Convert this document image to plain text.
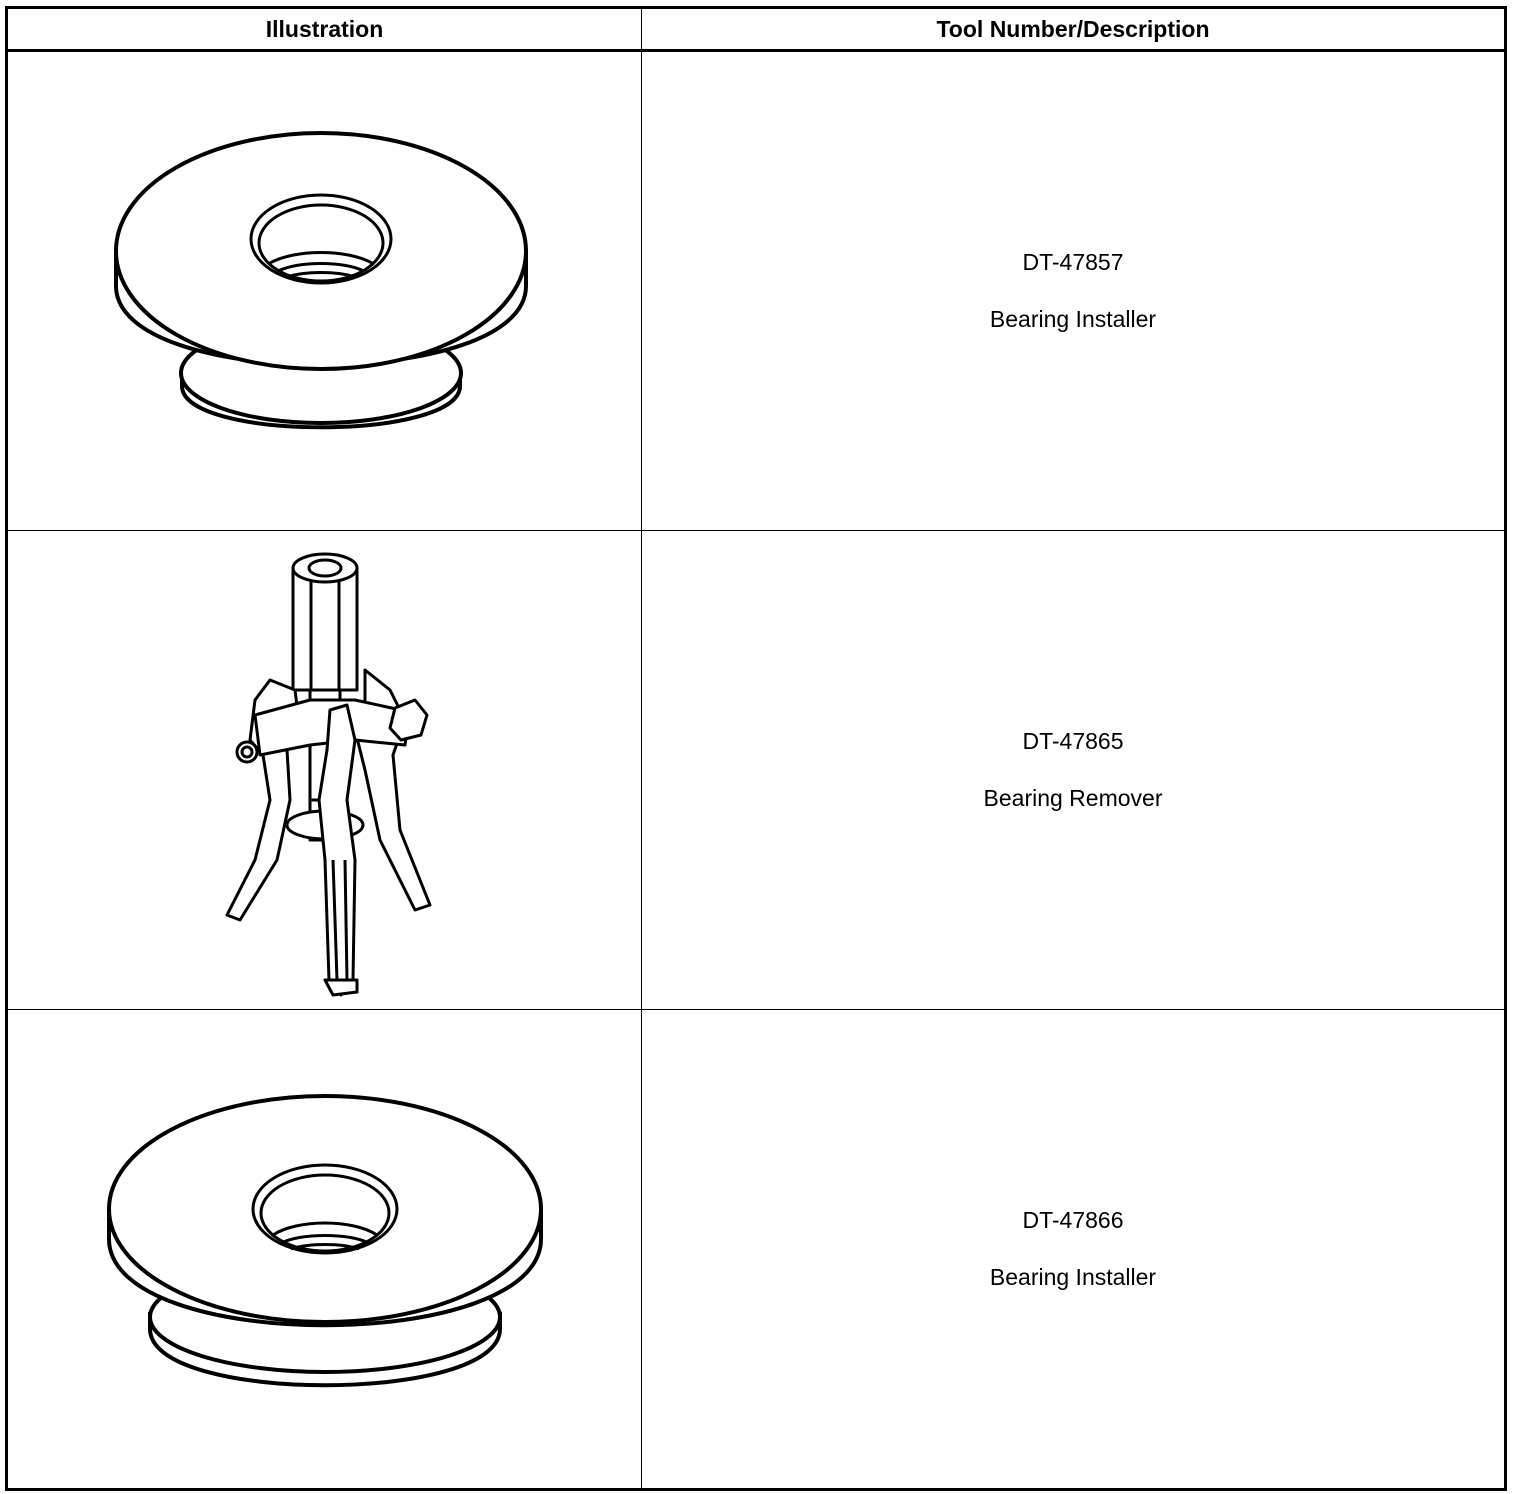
Illustration	Tool Number/Description

DT-47857
Bearing Installer

DT-47865
Bearing Remover

DT-47866
Bearing Installer
